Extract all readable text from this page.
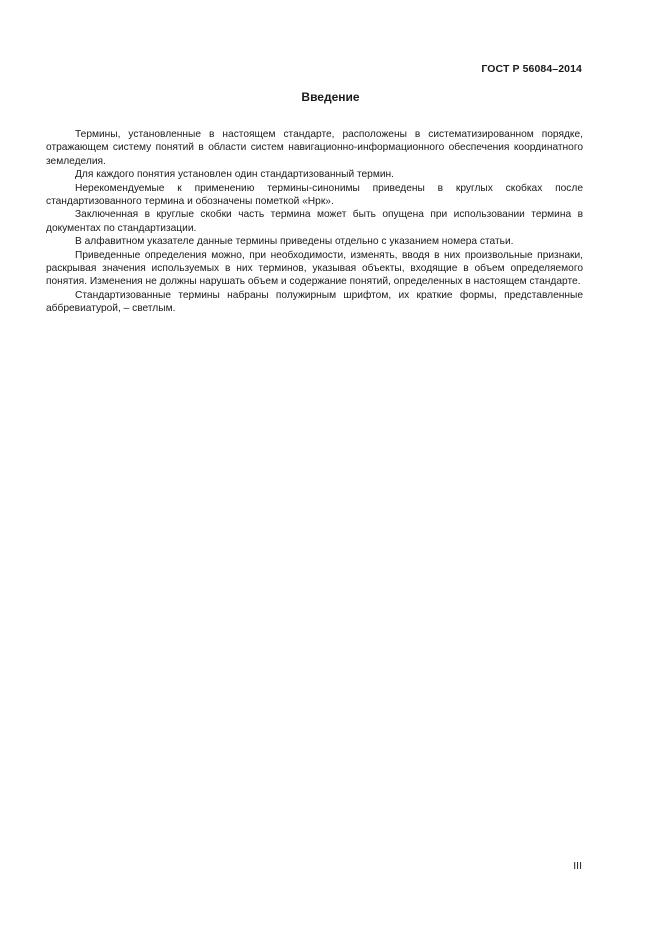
ГОСТ Р 56084–2014
Введение

Термины, установленные в настоящем стандарте, расположены в систематизированном порядке, отражающем систему понятий в области систем навигационно-информационного обеспечения координатного земледелия.

Для каждого понятия установлен один стандартизованный термин.

Нерекомендуемые к применению термины-синонимы приведены в круглых скобках после стандартизованного термина и обозначены пометкой «Нрк».

Заключенная в круглые скобки часть термина может быть опущена при использовании термина в документах по стандартизации.

В алфавитном указателе данные термины приведены отдельно с указанием номера статьи.

Приведенные определения можно, при необходимости, изменять, вводя в них произвольные признаки, раскрывая значения используемых в них терминов, указывая объекты, входящие в объем определяемого понятия. Изменения не должны нарушать объем и содержание понятий, определенных в настоящем стандарте.

Стандартизованные термины набраны полужирным шрифтом, их краткие формы, представленные аббревиатурой, – светлым.

III
